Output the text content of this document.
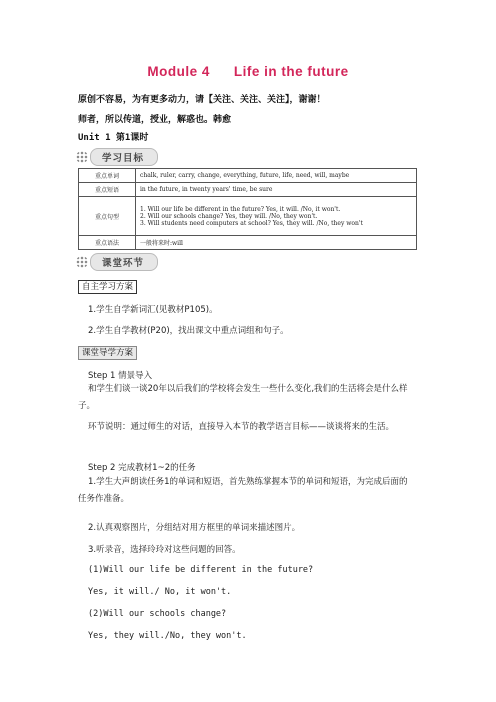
Module 4 Life in the future
原创不容易，为有更多动力，请【关注、关注、关注】，谢谢！
师者，所以传道，授业，解惑也。韩愈
Unit 1 第1课时
学习目标
重点单词	chalk, ruler, carry, change, everything, future, life, need, will, maybe
重点短语	in the future, in twenty years' time, be sure
重点句型	1. Will our life be different in the future? Yes, it will. /No, it won't.
2. Will our schools change? Yes, they will. /No, they won't.
3. Will students need computers at school? Yes, they will. /No, they won't

重点语法	一般将来时:will
课堂环节
自主学习方案
1.学生自学新词汇(见教材P105)。
2.学生自学教材(P20)，找出课文中重点词组和句子。
课堂导学方案
Step 1 情景导入
和学生们谈一谈20年以后我们的学校将会发生一些什么变化,我们的生活将会是什么样子。
环节说明：通过师生的对话，直接导入本节的教学语言目标——谈谈将来的生活。
Step 2 完成教材1~2的任务
1.学生大声朗读任务1的单词和短语，首先熟练掌握本节的单词和短语，为完成后面的任务作准备。
2.认真观察图片，分组结对用方框里的单词来描述图片。
3.听录音，选择玲玲对这些问题的回答。
(1)Will our life be different in the future?
Yes, it will./ No, it won't.
(2)Will our schools change?
Yes, they will./No, they won't.
